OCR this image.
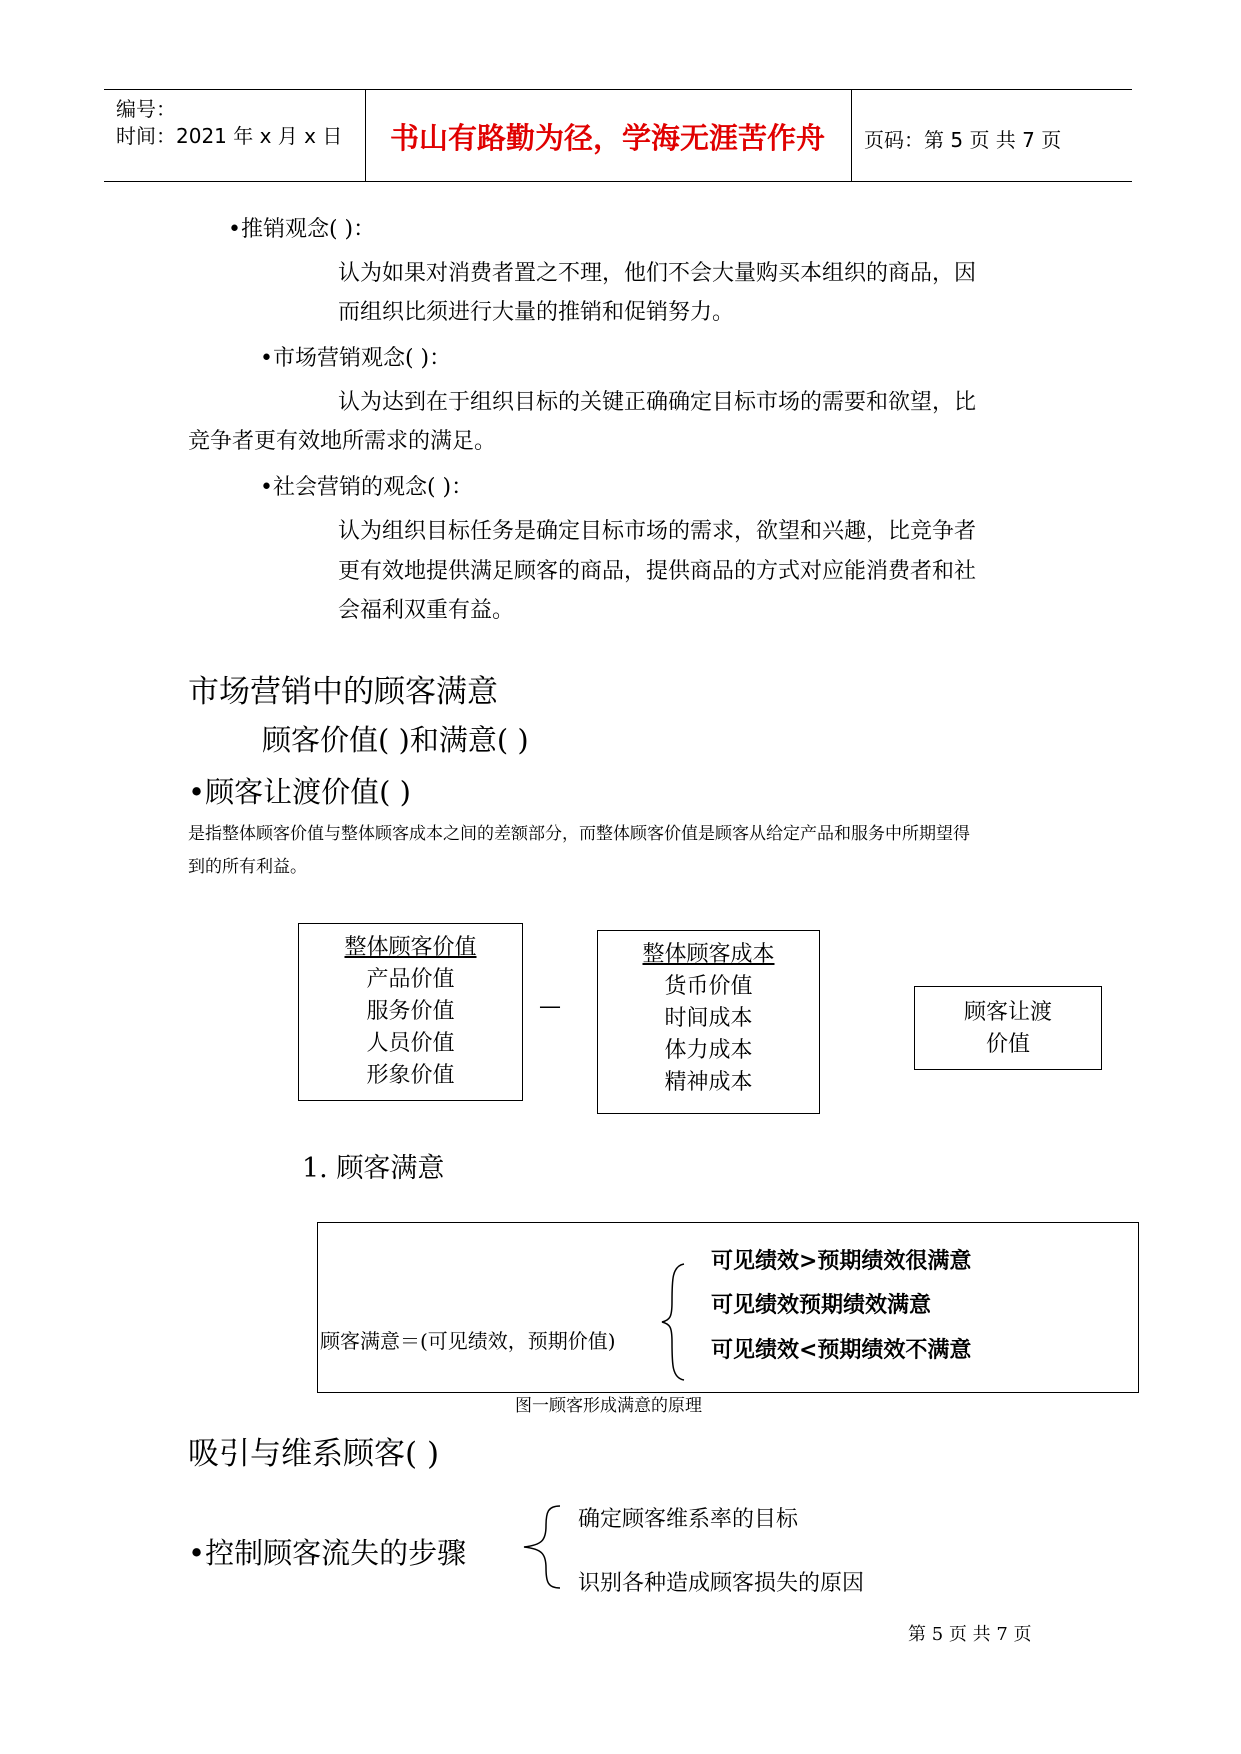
编号：
时间：2021 年 x 月 x 日 书山有路勤为径，学海无涯苦作舟 页码：第 5 页 共 7 页
•推销观念( )：
认为如果对消费者置之不理，他们不会大量购买本组织的商品，因
而组织比须进行大量的推销和促销努力。
•市场营销观念( )：
认为达到在于组织目标的关键正确确定目标市场的需要和欲望，比
竞争者更有效地所需求的满足。
•社会营销的观念( )：
认为组织目标任务是确定目标市场的需求，欲望和兴趣，比竞争者
更有效地提供满足顾客的商品，提供商品的方式对应能消费者和社
会福利双重有益。
市场营销中的顾客满意
顾客价值( )和满意( )
•顾客让渡价值( )
是指整体顾客价值与整体顾客成本之间的差额部分，而整体顾客价值是顾客从给定产品和服务中所期望得
到的所有利益。
整体顾客价值
产品价值
服务价值
人员价值
形象价值
—
整体顾客成本
货币价值
时间成本
体力成本
精神成本
顾客让渡
价值
1. 顾客满意
顾客满意＝(可见绩效，预期价值)
可见绩效>预期绩效很满意
可见绩效预期绩效满意
可见绩效<预期绩效不满意
图一顾客形成满意的原理
吸引与维系顾客( )
•控制顾客流失的步骤
确定顾客维系率的目标
识别各种造成顾客损失的原因
第 5 页 共 7 页
